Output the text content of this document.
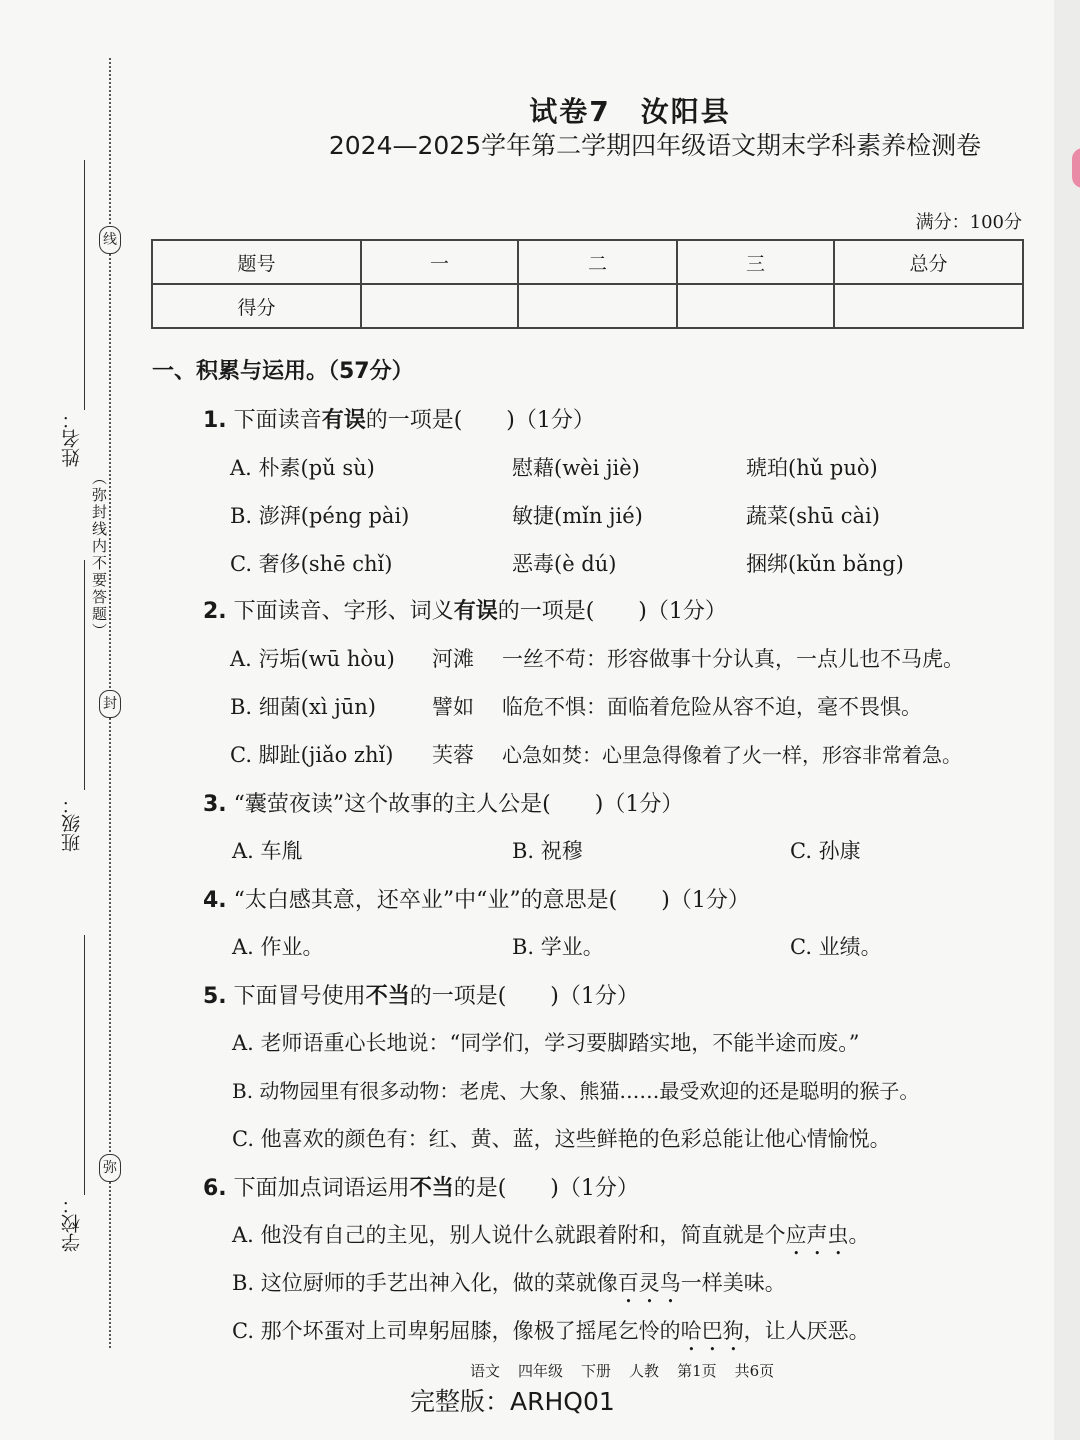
线
封
弥
（弥封线内不要答题）
姓名：
班级：
学校：
试卷7　汝阳县
2024—2025学年第二学期四年级语文期末学科素养检测卷
满分：100分
题号	一	二	三	总分
得分				
一、积累与运用。（57分）
1. 下面读音有误的一项是(　　)（1分）
A. 朴素(pǔ sù)	慰藉(wèi jiè)	琥珀(hǔ può)
B. 澎湃(péng pài)	敏捷(mǐn jié)	蔬菜(shū cài)
C. 奢侈(shē chǐ)	恶毒(è dú)	捆绑(kǔn bǎng)
2. 下面读音、字形、词义有误的一项是(　　)（1分）
A. 污垢(wū hòu) 河滩 一丝不苟：形容做事十分认真，一点儿也不马虎。
B. 细菌(xì jūn)	譬如 临危不惧：面临着危险从容不迫，毫不畏惧。
C. 脚趾(jiǎo zhǐ) 芙蓉 心急如焚：心里急得像着了火一样，形容非常着急。
3. “囊萤夜读”这个故事的主人公是(　　)（1分）
A. 车胤	B. 祝穆	C. 孙康
4. “太白感其意，还卒业”中“业”的意思是(　　)（1分）
A. 作业。	B. 学业。	C. 业绩。
5. 下面冒号使用不当的一项是(　　)（1分）
A. 老师语重心长地说：“同学们，学习要脚踏实地，不能半途而废。”
B. 动物园里有很多动物：老虎、大象、熊猫……最受欢迎的还是聪明的猴子。
C. 他喜欢的颜色有：红、黄、蓝，这些鲜艳的色彩总能让他心情愉悦。
6. 下面加点词语运用不当的是(　　)（1分）
A. 他没有自己的主见，别人说什么就跟着附和，简直就是个应声虫。
B. 这位厨师的手艺出神入化，做的菜就像百灵鸟一样美味。
C. 那个坏蛋对上司卑躬屈膝，像极了摇尾乞怜的哈巴狗，让人厌恶。
语文 四年级 下册 人教 第1页 共6页
完整版：ARHQ01
